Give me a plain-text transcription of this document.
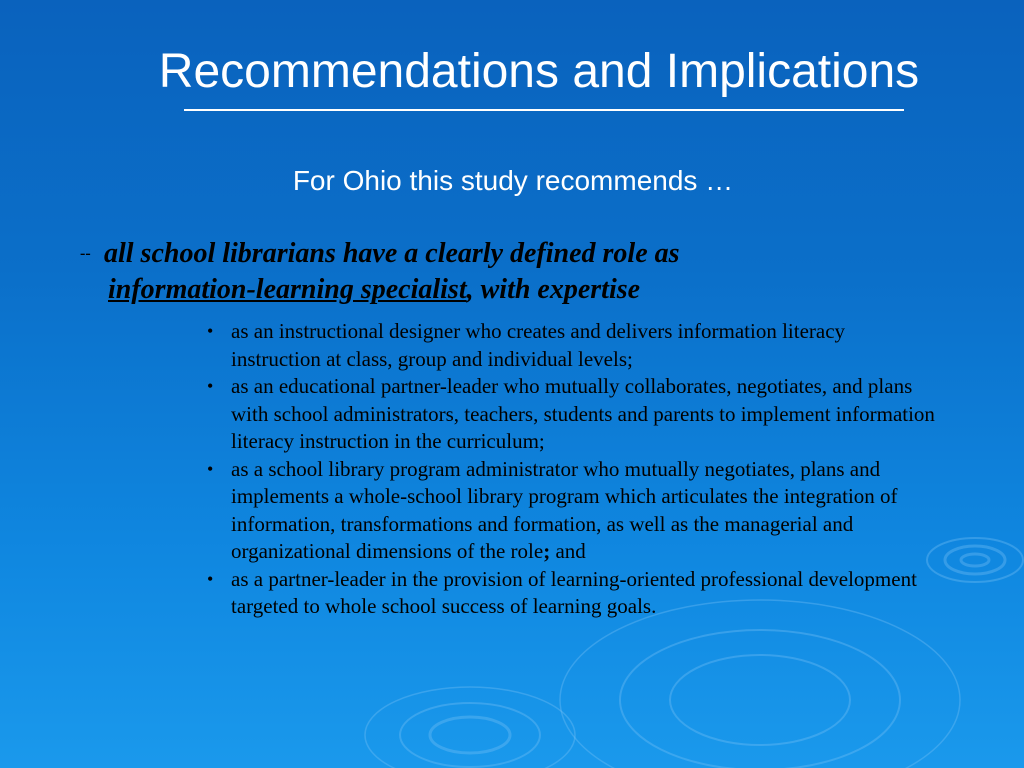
Recommendations and Implications
For Ohio this study recommends …
-- all school librarians have a clearly defined role as
information-learning specialist, with expertise
• as an instructional designer who creates and delivers information literacy instruction at class, group and individual levels;
• as an educational partner-leader who mutually collaborates, negotiates, and plans with school administrators, teachers, students and parents to implement information literacy instruction in the curriculum;
• as a school library program administrator who mutually negotiates, plans and implements a whole-school library program which articulates the integration of information, transformations and formation, as well as the managerial and organizational dimensions of the role; and
• as a partner-leader in the provision of learning-oriented professional development targeted to whole school success of learning goals.
